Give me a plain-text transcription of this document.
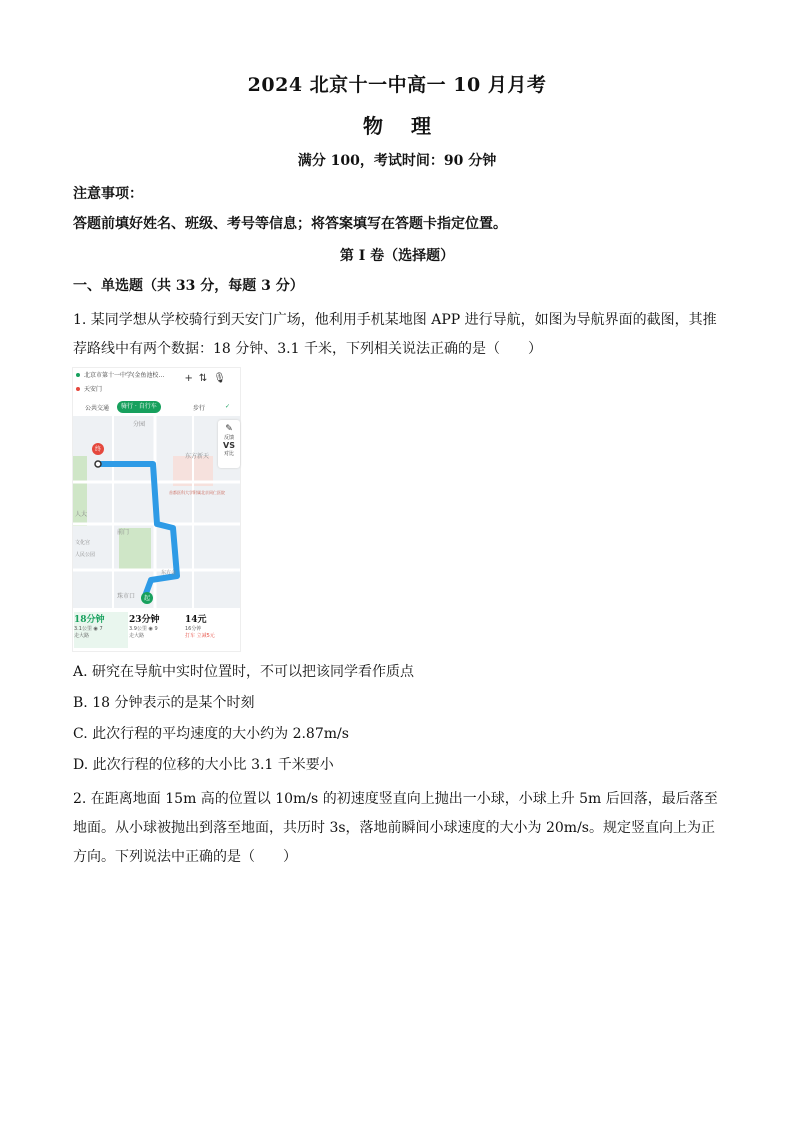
2024 北京十一中高一 10 月月考
物理
满分 100，考试时间：90 分钟
注意事项：
答题前填好姓名、班级、考号等信息；将答案填写在答题卡指定位置。
第 I 卷（选择题）
一、单选题（共 33 分，每题 3 分）
1. 某同学想从学校骑行到天安门广场，他利用手机某地图 APP 进行导航，如图为导航界面的截图，其推荐路线中有两个数据：18 分钟、3.1 千米，下列相关说法正确的是（　　）
北京市第十一中学(金鱼池校…
天安门
+⇅🎙
公共交通	骑行 · 自行车	步行	✓
终
起
分园
东方新天
首都医科大学附属北京同仁医院
人大
人民公园
文化宫
前门
珠市口
东方会
✎
反馈
VS
对比
18分钟
3.1公里 ◉ 7
走大路
23分钟
3.9公里 ◉ 9
走大路
14元
16分钟
打车 立减5元
A. 研究在导航中实时位置时，不可以把该同学看作质点
B. 18 分钟表示的是某个时刻
C. 此次行程的平均速度的大小约为 2.87m/s
D. 此次行程的位移的大小比 3.1 千米要小
2. 在距离地面 15m 高的位置以 10m/s 的初速度竖直向上抛出一小球，小球上升 5m 后回落，最后落至地面。从小球被抛出到落至地面，共历时 3s，落地前瞬间小球速度的大小为 20m/s。规定竖直向上为正方向。下列说法中正确的是（　　）
